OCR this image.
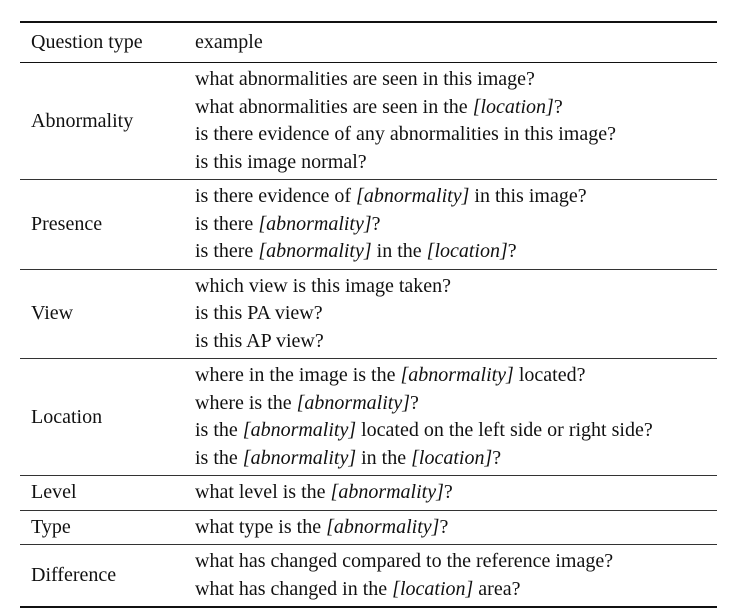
Question type	example
Abnormality	what abnormalities are seen in this image?
what abnormalities are seen in the [location]?
is there evidence of any abnormalities in this image?
is this image normal?

Presence	is there evidence of [abnormality] in this image?
is there [abnormality]?
is there [abnormality] in the [location]?

View	which view is this image taken?
is this PA view?
is this AP view?

Location	where in the image is the [abnormality] located?
where is the [abnormality]?
is the [abnormality] located on the left side or right side?
is the [abnormality] in the [location]?

Level	what level is the [abnormality]?

Type	what type is the [abnormality]?

Difference	what has changed compared to the reference image?
what has changed in the [location] area?
